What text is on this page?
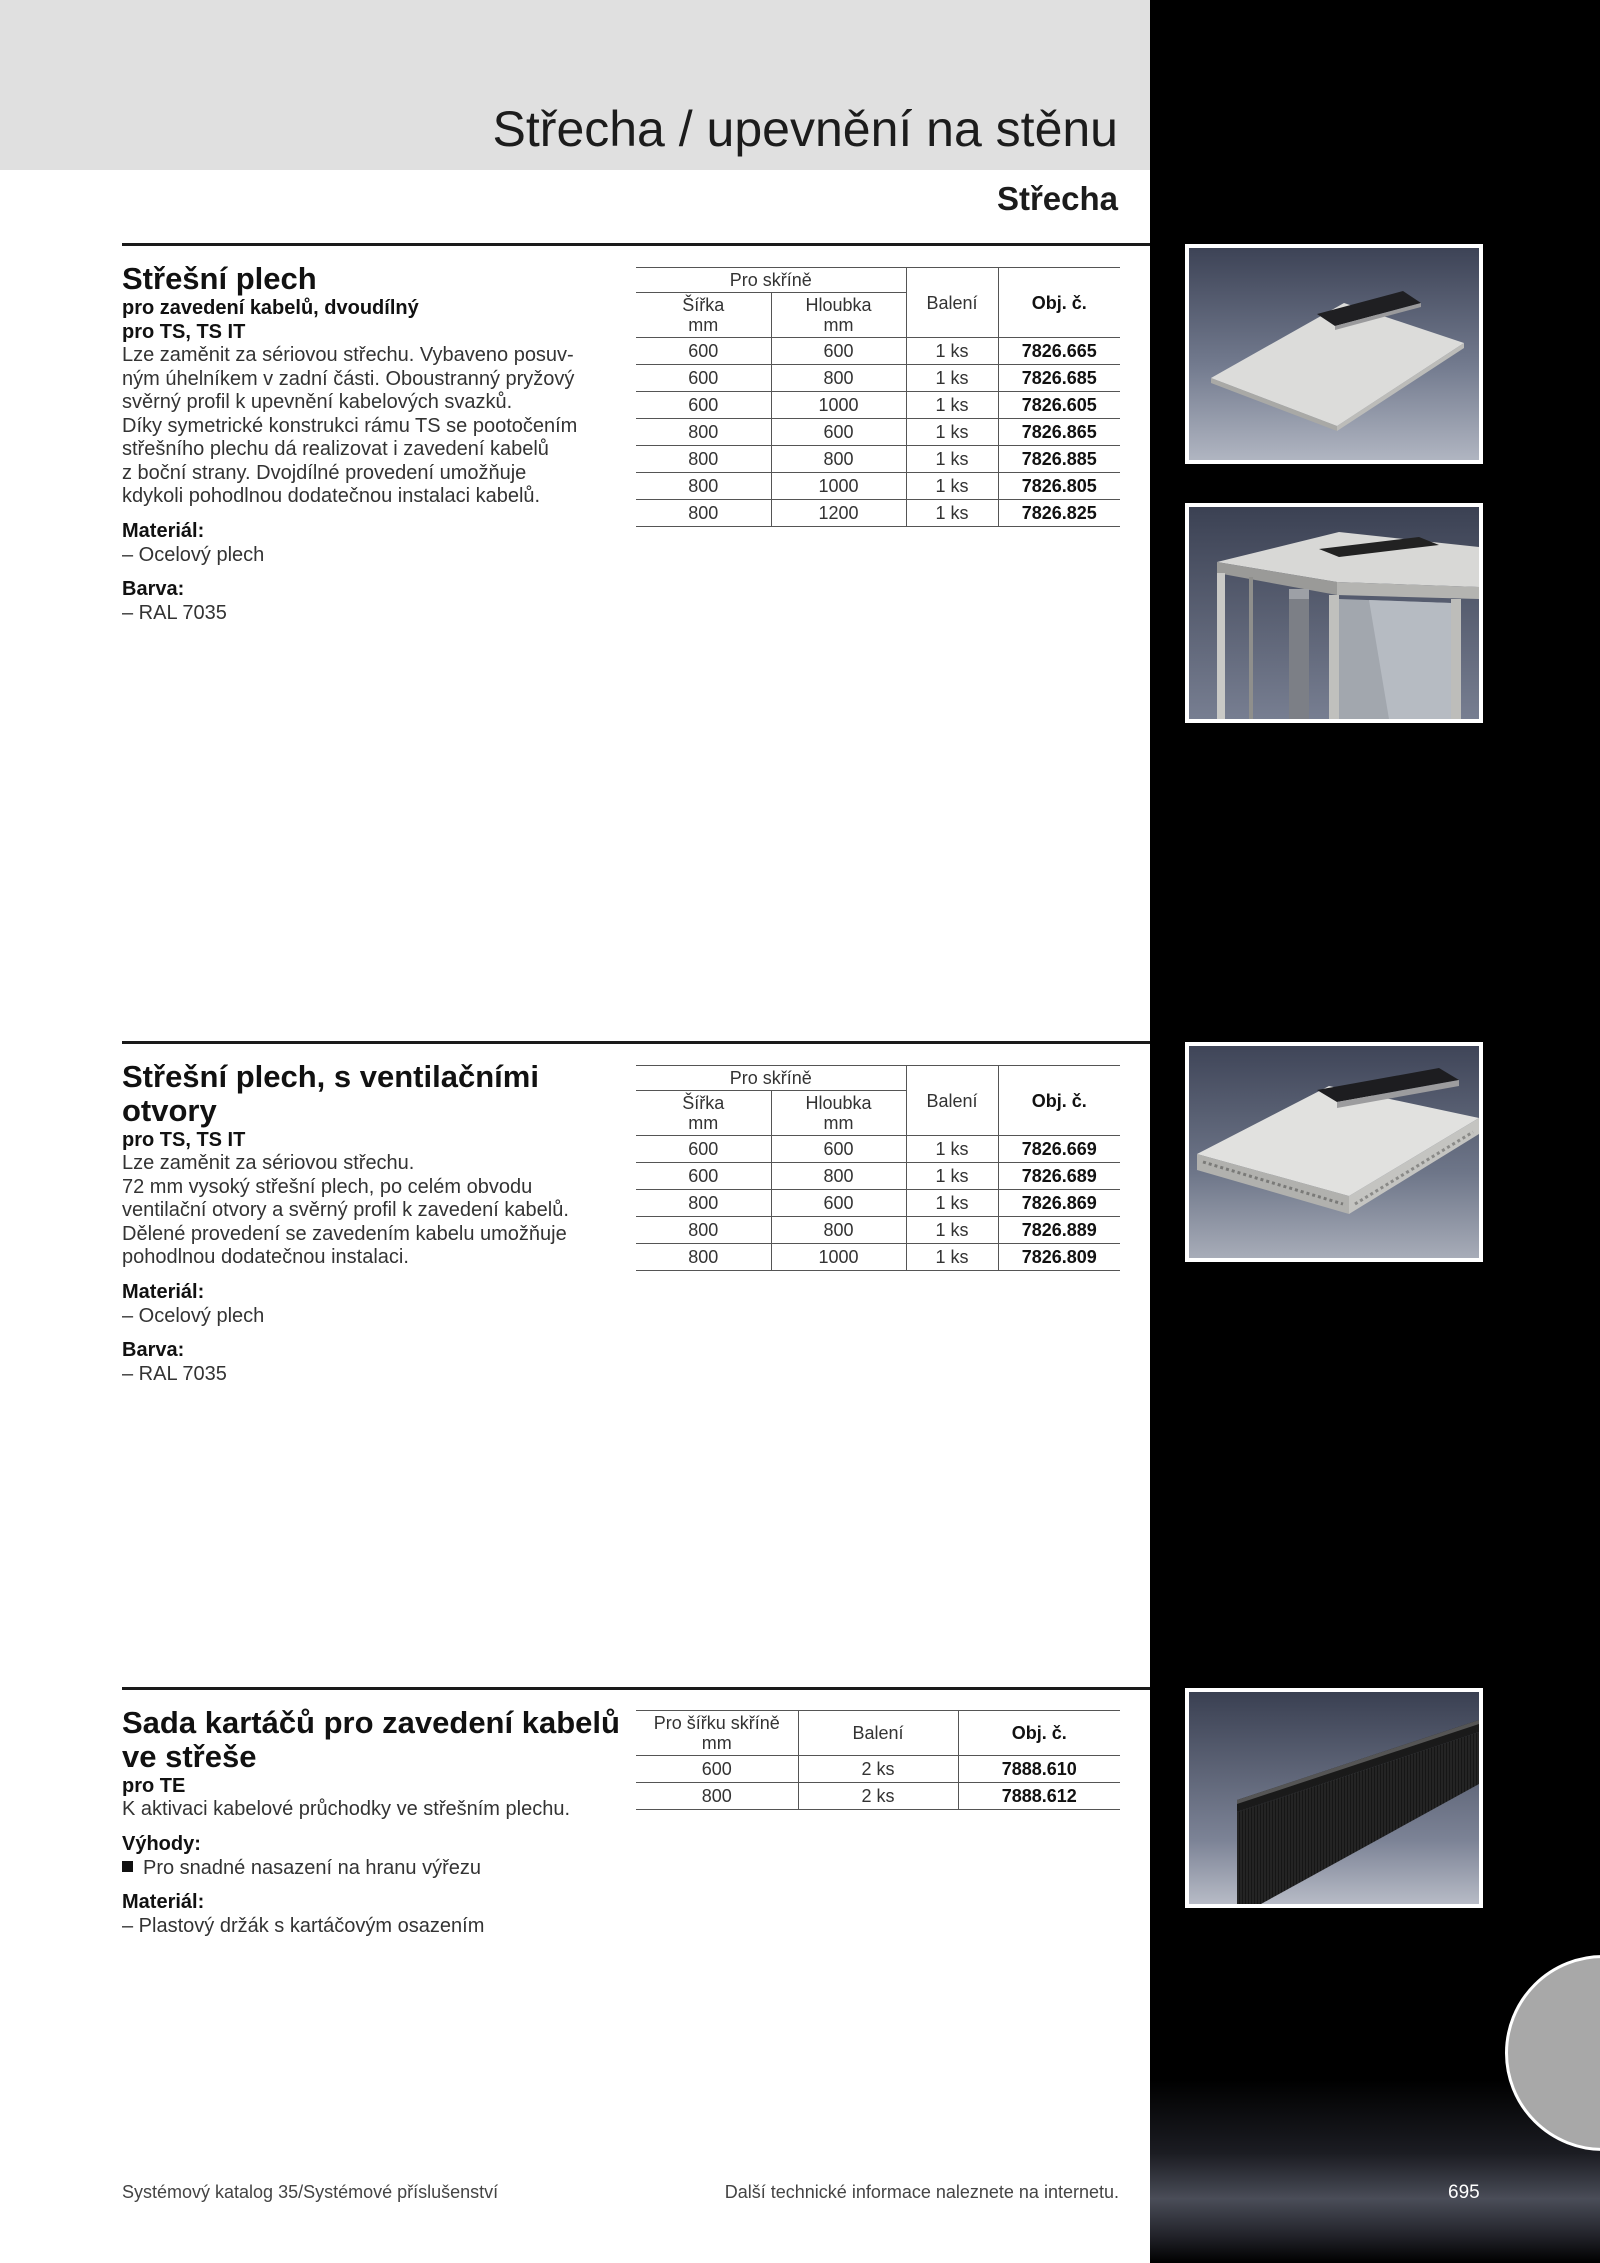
Střecha / upevnění na stěnu
Střecha
Střešní plech
pro zavedení kabelů, dvoudílný
pro TS, TS IT
Lze zaměnit za sériovou střechu. Vybaveno posuv-
ným úhelníkem v zadní části. Oboustranný pryžový
svěrný profil k upevnění kabelových svazků.
Díky symetrické konstrukci rámu TS se pootočením
střešního plechu dá realizovat i zavedení kabelů
z boční strany. Dvojdílné provedení umožňuje
kdykoli pohodlnou dodatečnou instalaci kabelů.
Materiál:
– Ocelový plech
Barva:
– RAL 7035
Pro skříně		Balení	Obj. č.
Šířka
mm	Hloubka
mm		
600	600	1 ks	7826.665
600	800	1 ks	7826.685
600	1000	1 ks	7826.605
800	600	1 ks	7826.865
800	800	1 ks	7826.885
800	1000	1 ks	7826.805
800	1200	1 ks	7826.825
Střešní plech, s ventilačními otvory
pro TS, TS IT
Lze zaměnit za sériovou střechu.
72 mm vysoký střešní plech, po celém obvodu
ventilační otvory a svěrný profil k zavedení kabelů.
Dělené provedení se zavedením kabelu umožňuje
pohodlnou dodatečnou instalaci.
Materiál:
– Ocelový plech
Barva:
– RAL 7035
Pro skříně		Balení	Obj. č.
Šířka
mm	Hloubka
mm		
600	600	1 ks	7826.669
600	800	1 ks	7826.689
800	600	1 ks	7826.869
800	800	1 ks	7826.889
800	1000	1 ks	7826.809
Sada kartáčů pro zavedení kabelů ve střeše
pro TE
K aktivaci kabelové průchodky ve střešním plechu.
Výhody:
Pro snadné nasazení na hranu výřezu
Materiál:
– Plastový držák s kartáčovým osazením
Pro šířku skříně
mm	Balení	Obj. č.
600	2 ks	7888.610
800	2 ks	7888.612
Systémový katalog 35/Systémové příslušenství	Další technické informace naleznete na internetu.	695
